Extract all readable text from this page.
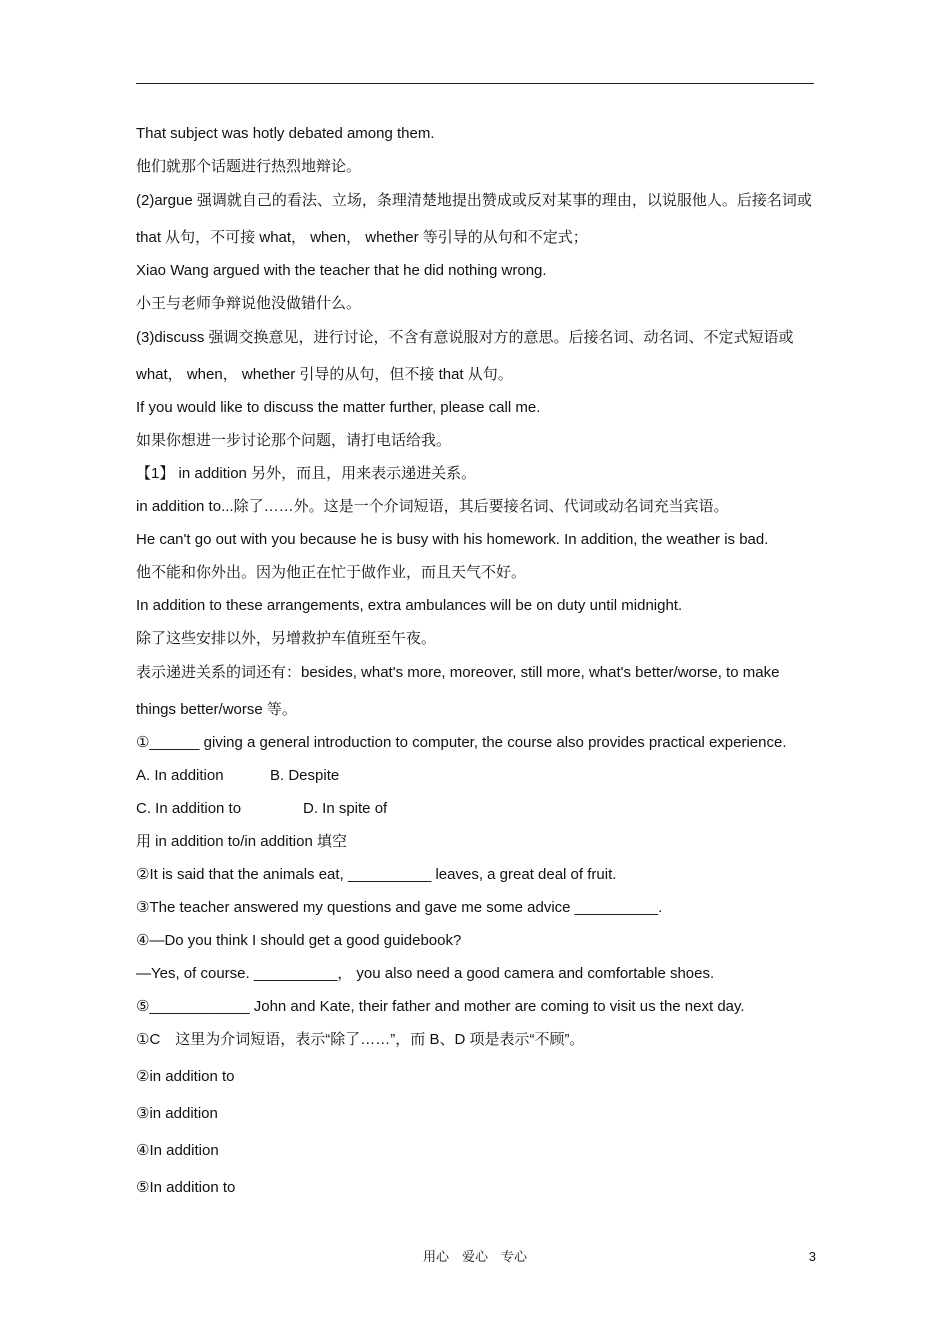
That subject was hotly debated among them.
他们就那个话题进行热烈地辩论。
(2)argue 强调就自己的看法、立场，条理清楚地提出赞成或反对某事的理由，以说服他人。后接名词或 that 从句，不可接 what， when， whether 等引导的从句和不定式；
Xiao Wang argued with the teacher that he did nothing wrong.
小王与老师争辩说他没做错什么。
(3)discuss 强调交换意见，进行讨论，不含有意说服对方的意思。后接名词、动名词、不定式短语或 what， when， whether 引导的从句，但不接 that 从句。
If you would like to discuss the matter further, please call me.
如果你想进一步讨论那个问题，请打电话给我。
【1】 in addition 另外，而且，用来表示递进关系。
in addition to...除了……外。这是一个介词短语，其后要接名词、代词或动名词充当宾语。
He can't go out with you because he is busy with his homework. In addition, the weather is bad.
他不能和你外出。因为他正在忙于做作业，而且天气不好。
In addition to these arrangements, extra ambulances will be on duty until midnight.
除了这些安排以外，另增救护车值班至午夜。
表示递进关系的词还有：besides, what's more, moreover, still more, what's better/worse, to make things better/worse 等。
①______ giving a general introduction to computer, the course also provides practical experience.
A. In addition	B. Despite
C. In addition to	D. In spite of
用 in addition to/in addition 填空
②It is said that the animals eat, __________ leaves, a great deal of fruit.
③The teacher answered my questions and gave me some advice __________.
④—Do you think I should get a good guidebook?
—Yes, of course. __________， you also need a good camera and comfortable shoes.
⑤____________ John and Kate, their father and mother are coming to visit us the next day.
①C　这里为介词短语，表示“除了……”，而 B、D 项是表示“不顾”。
②in addition to
③in addition
④In addition
⑤In addition to
用心　爱心　专心	3
